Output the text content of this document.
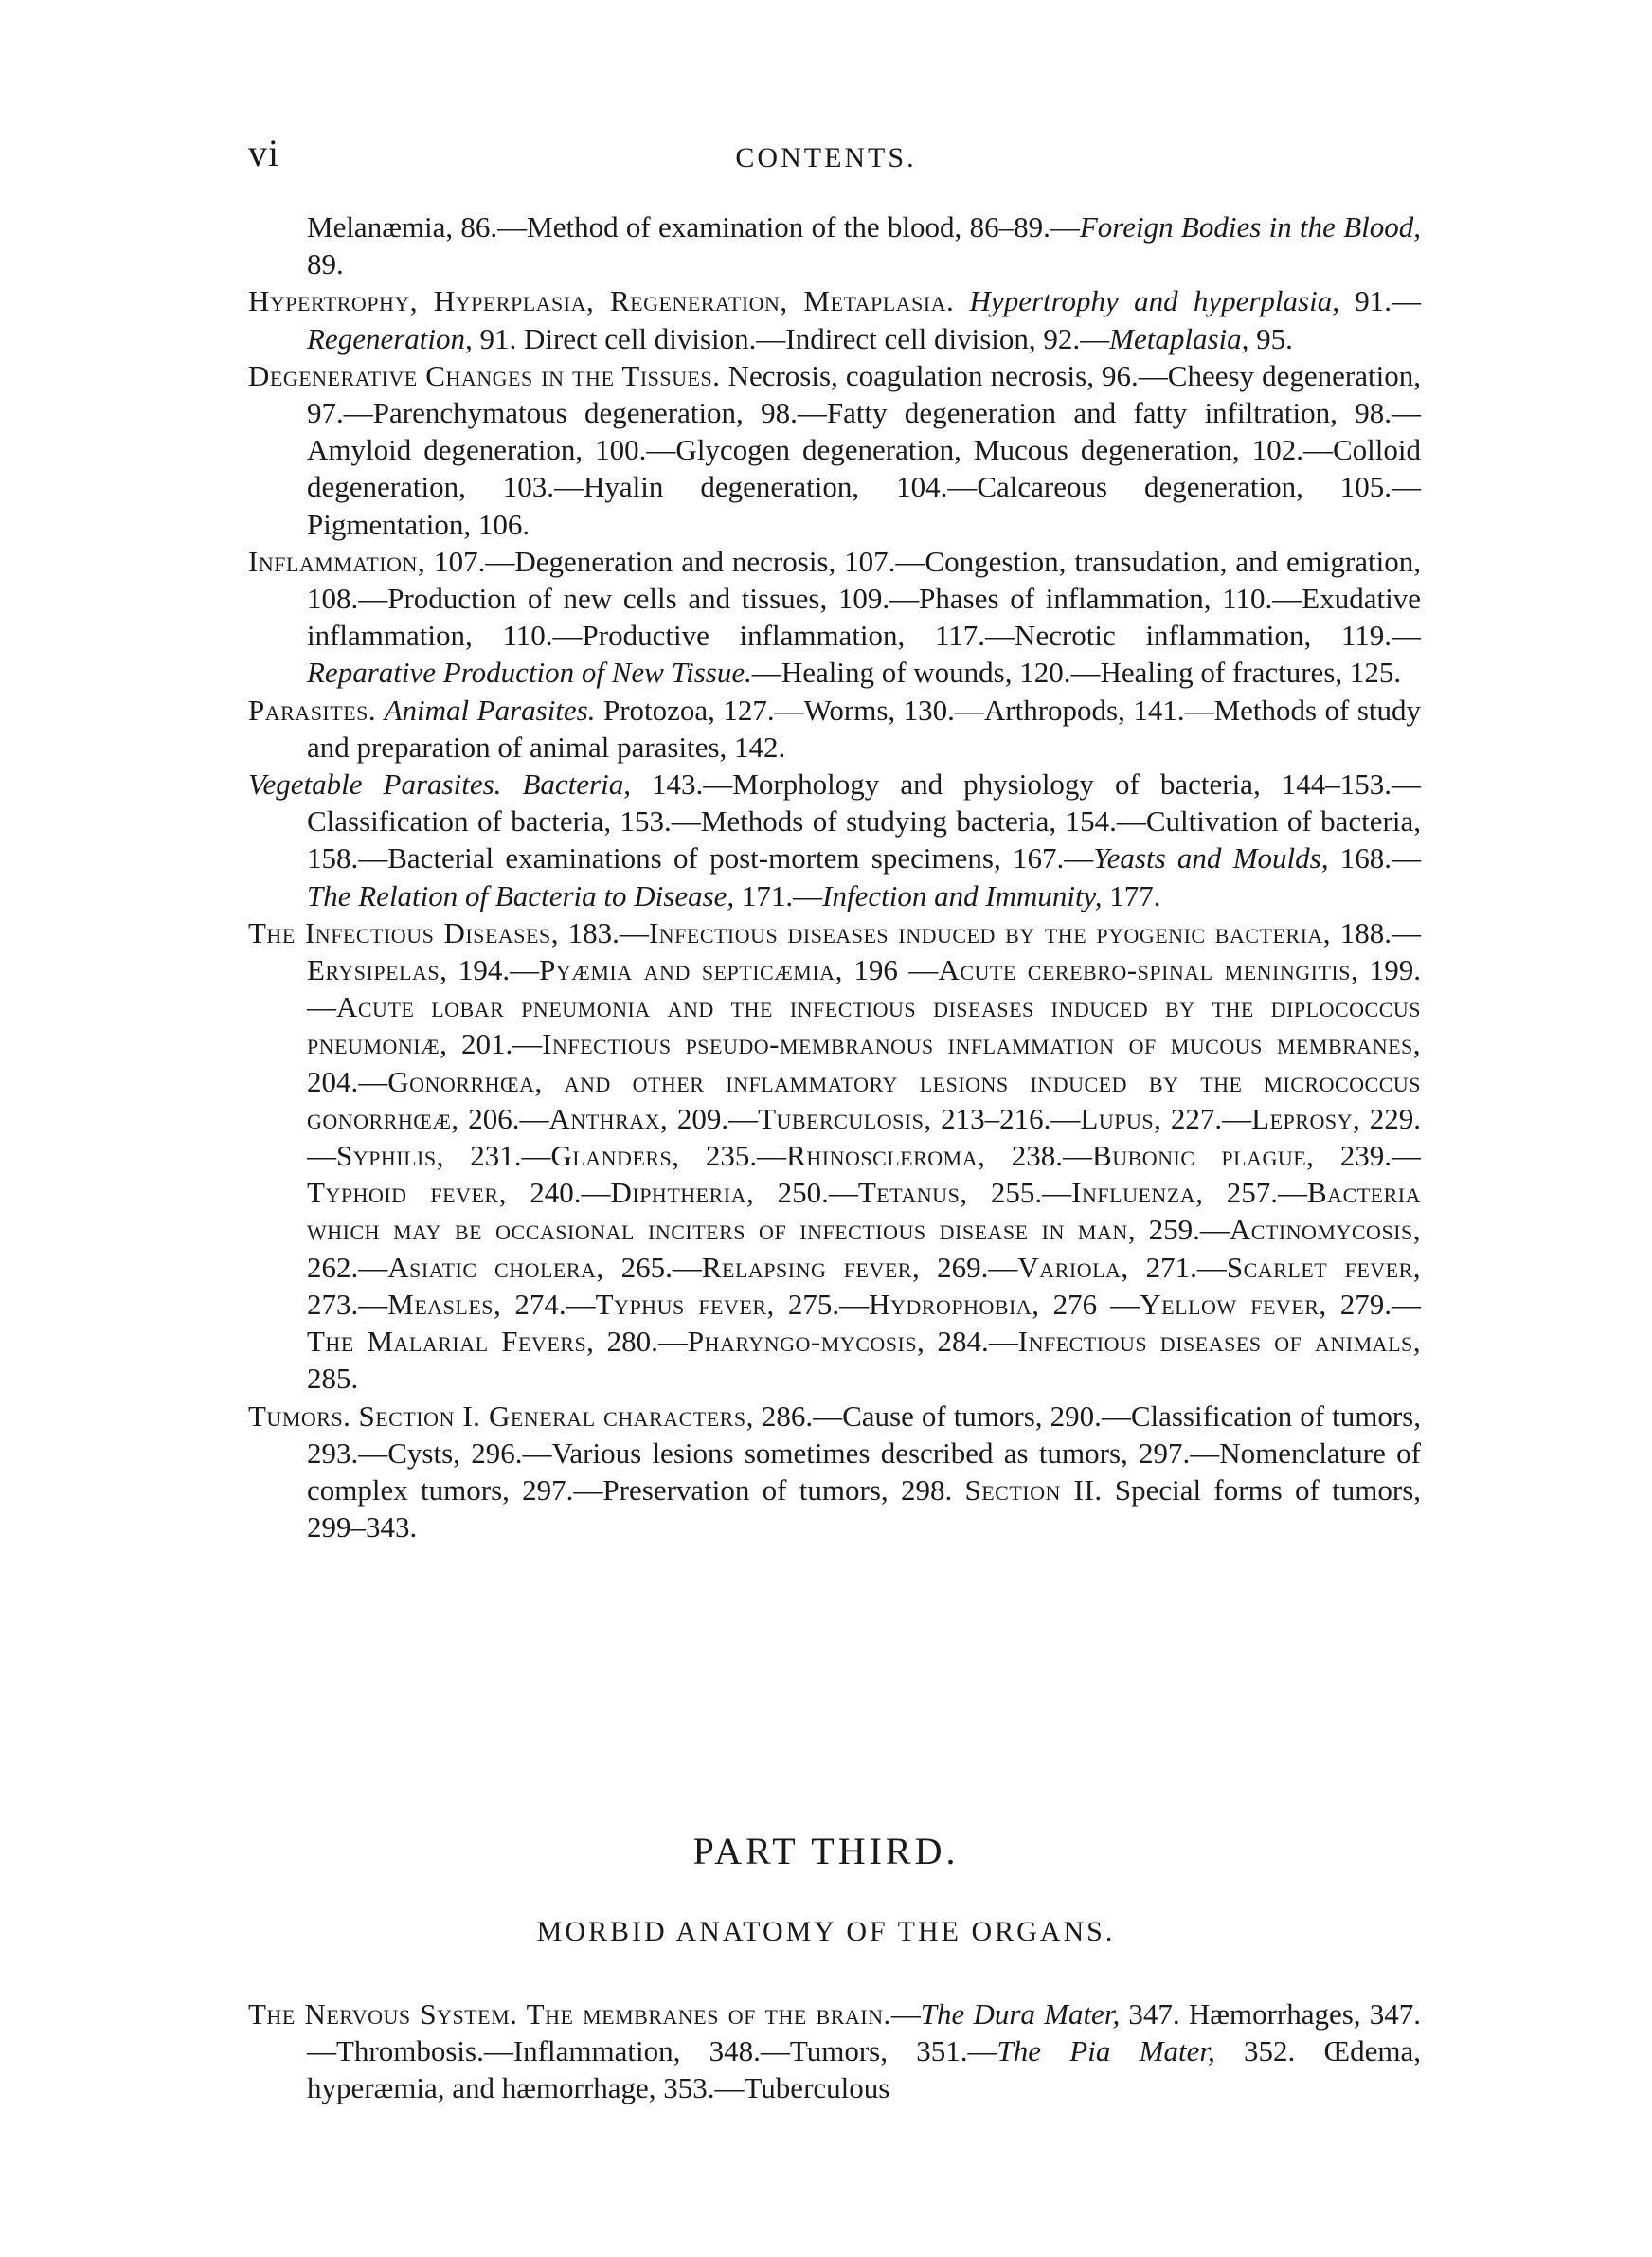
vi	CONTENTS.

Melanæmia, 86.—Method of examination of the blood, 86–89.—Foreign Bodies in the Blood, 89.

Hypertrophy, Hyperplasia, Regeneration, Metaplasia. Hypertrophy and hyperplasia, 91.—Regeneration, 91. Direct cell division.—Indirect cell division, 92.—Metaplasia, 95.

Degenerative Changes in the Tissues. Necrosis, coagulation necrosis, 96.—Cheesy degeneration, 97.—Parenchymatous degeneration, 98.—Fatty degeneration and fatty infiltration, 98.—Amyloid degeneration, 100.—Glycogen degeneration, Mucous degeneration, 102.—Colloid degeneration, 103.—Hyalin degeneration, 104.—Calcareous degeneration, 105.—Pigmentation, 106.

Inflammation, 107.—Degeneration and necrosis, 107.—Congestion, transudation, and emigration, 108.—Production of new cells and tissues, 109.—Phases of inflammation, 110.—Exudative inflammation, 110.—Productive inflammation, 117.—Necrotic inflammation, 119.—Reparative Production of New Tissue.—Healing of wounds, 120.—Healing of fractures, 125.

Parasites. Animal Parasites. Protozoa, 127.—Worms, 130.—Arthropods, 141.—Methods of study and preparation of animal parasites, 142.

Vegetable Parasites. Bacteria, 143.—Morphology and physiology of bacteria, 144–153.—Classification of bacteria, 153.—Methods of studying bacteria, 154.—Cultivation of bacteria, 158.—Bacterial examinations of post-mortem specimens, 167.—Yeasts and Moulds, 168.—The Relation of Bacteria to Disease, 171.—Infection and Immunity, 177.

The Infectious Diseases, 183.—Infectious diseases induced by the pyogenic bacteria, 188.—Erysipelas, 194.—Pyæmia and septicæmia, 196 —Acute cerebro-spinal meningitis, 199.—Acute lobar pneumonia and the infectious diseases induced by the diplococcus pneumoniæ, 201.—Infectious pseudo-membranous inflammation of mucous membranes, 204.—Gonorrhœa, and other inflammatory lesions induced by the micrococcus gonorrhœæ, 206.—Anthrax, 209.—Tuberculosis, 213–216.—Lupus, 227.—Leprosy, 229.—Syphilis, 231.—Glanders, 235.—Rhinoscleroma, 238.—Bubonic plague, 239.—Typhoid fever, 240.—Diphtheria, 250.—Tetanus, 255.—Influenza, 257.—Bacteria which may be occasional inciters of infectious disease in man, 259.—Actinomycosis, 262.—Asiatic cholera, 265.—Relapsing fever, 269.—Variola, 271.—Scarlet fever, 273.—Measles, 274.—Typhus fever, 275.—Hydrophobia, 276 —Yellow fever, 279.—The Malarial Fevers, 280.—Pharyngo-mycosis, 284.—Infectious diseases of animals, 285.

Tumors. Section I. General characters, 286.—Cause of tumors, 290.—Classification of tumors, 293.—Cysts, 296.—Various lesions sometimes described as tumors, 297.—Nomenclature of complex tumors, 297.—Preservation of tumors, 298. Section II. Special forms of tumors, 299–343.

PART THIRD.
MORBID ANATOMY OF THE ORGANS.

The Nervous System. The membranes of the brain.—The Dura Mater, 347. Hæmorrhages, 347.—Thrombosis.—Inflammation, 348.—Tumors, 351.—The Pia Mater, 352. Œdema, hyperæmia, and hæmorrhage, 353.—Tuberculous
